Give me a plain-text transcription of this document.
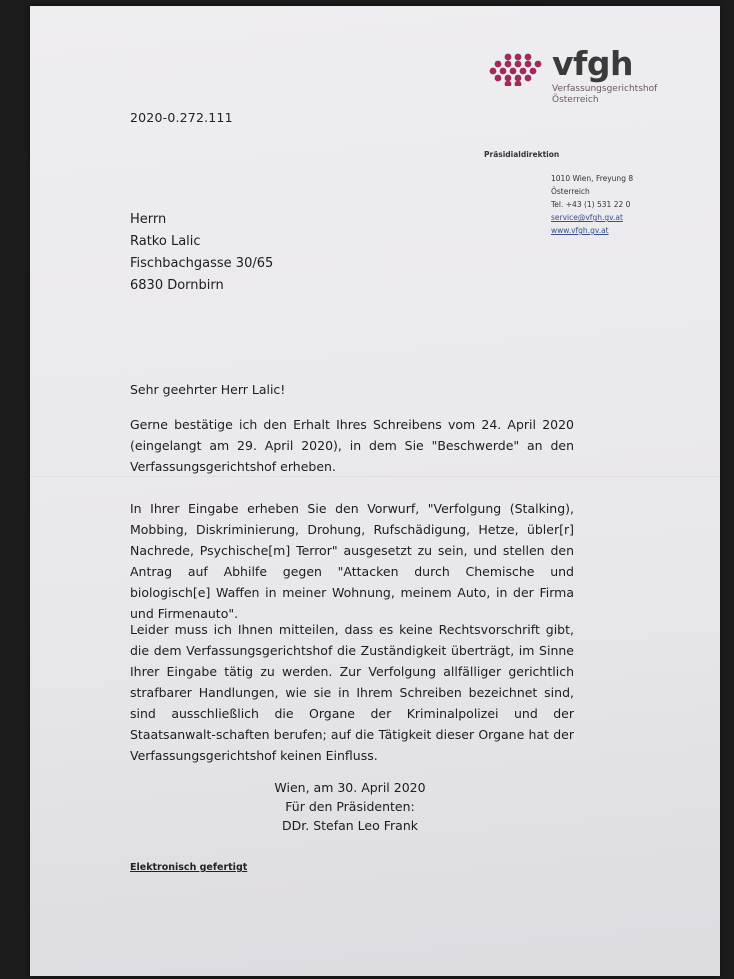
2020-0.272.111
vfgh
Verfassungsgerichtshof
Österreich
Präsidialdirektion
1010 Wien, Freyung 8
Österreich
Tel. +43 (1) 531 22 0
service@vfgh.gv.at
www.vfgh.gv.at
Herrn
Ratko Lalic
Fischbachgasse 30/65
6830 Dornbirn
Sehr geehrter Herr Lalic!
Gerne bestätige ich den Erhalt Ihres Schreibens vom 24. April 2020 (eingelangt am 29. April 2020), in dem Sie "Beschwerde" an den Verfassungsgerichtshof erheben.
In Ihrer Eingabe erheben Sie den Vorwurf, "Verfolgung (Stalking), Mobbing, Diskriminierung, Drohung, Rufschädigung, Hetze, übler[r] Nachrede, Psychische[m] Terror" ausgesetzt zu sein, und stellen den Antrag auf Abhilfe gegen "Attacken durch Chemische und biologisch[e] Waffen in meiner Wohnung, meinem Auto, in der Firma und Firmenauto".
Leider muss ich Ihnen mitteilen, dass es keine Rechtsvorschrift gibt, die dem Verfassungsgerichtshof die Zuständigkeit überträgt, im Sinne Ihrer Eingabe tätig zu werden. Zur Verfolgung allfälliger gerichtlich strafbarer Handlungen, wie sie in Ihrem Schreiben bezeichnet sind, sind ausschließlich die Organe der Kriminalpolizei und der Staatsanwalt-schaften berufen; auf die Tätigkeit dieser Organe hat der Verfassungsgerichtshof keinen Einfluss.
Wien, am 30. April 2020
Für den Präsidenten:
DDr. Stefan Leo Frank
Elektronisch gefertigt
